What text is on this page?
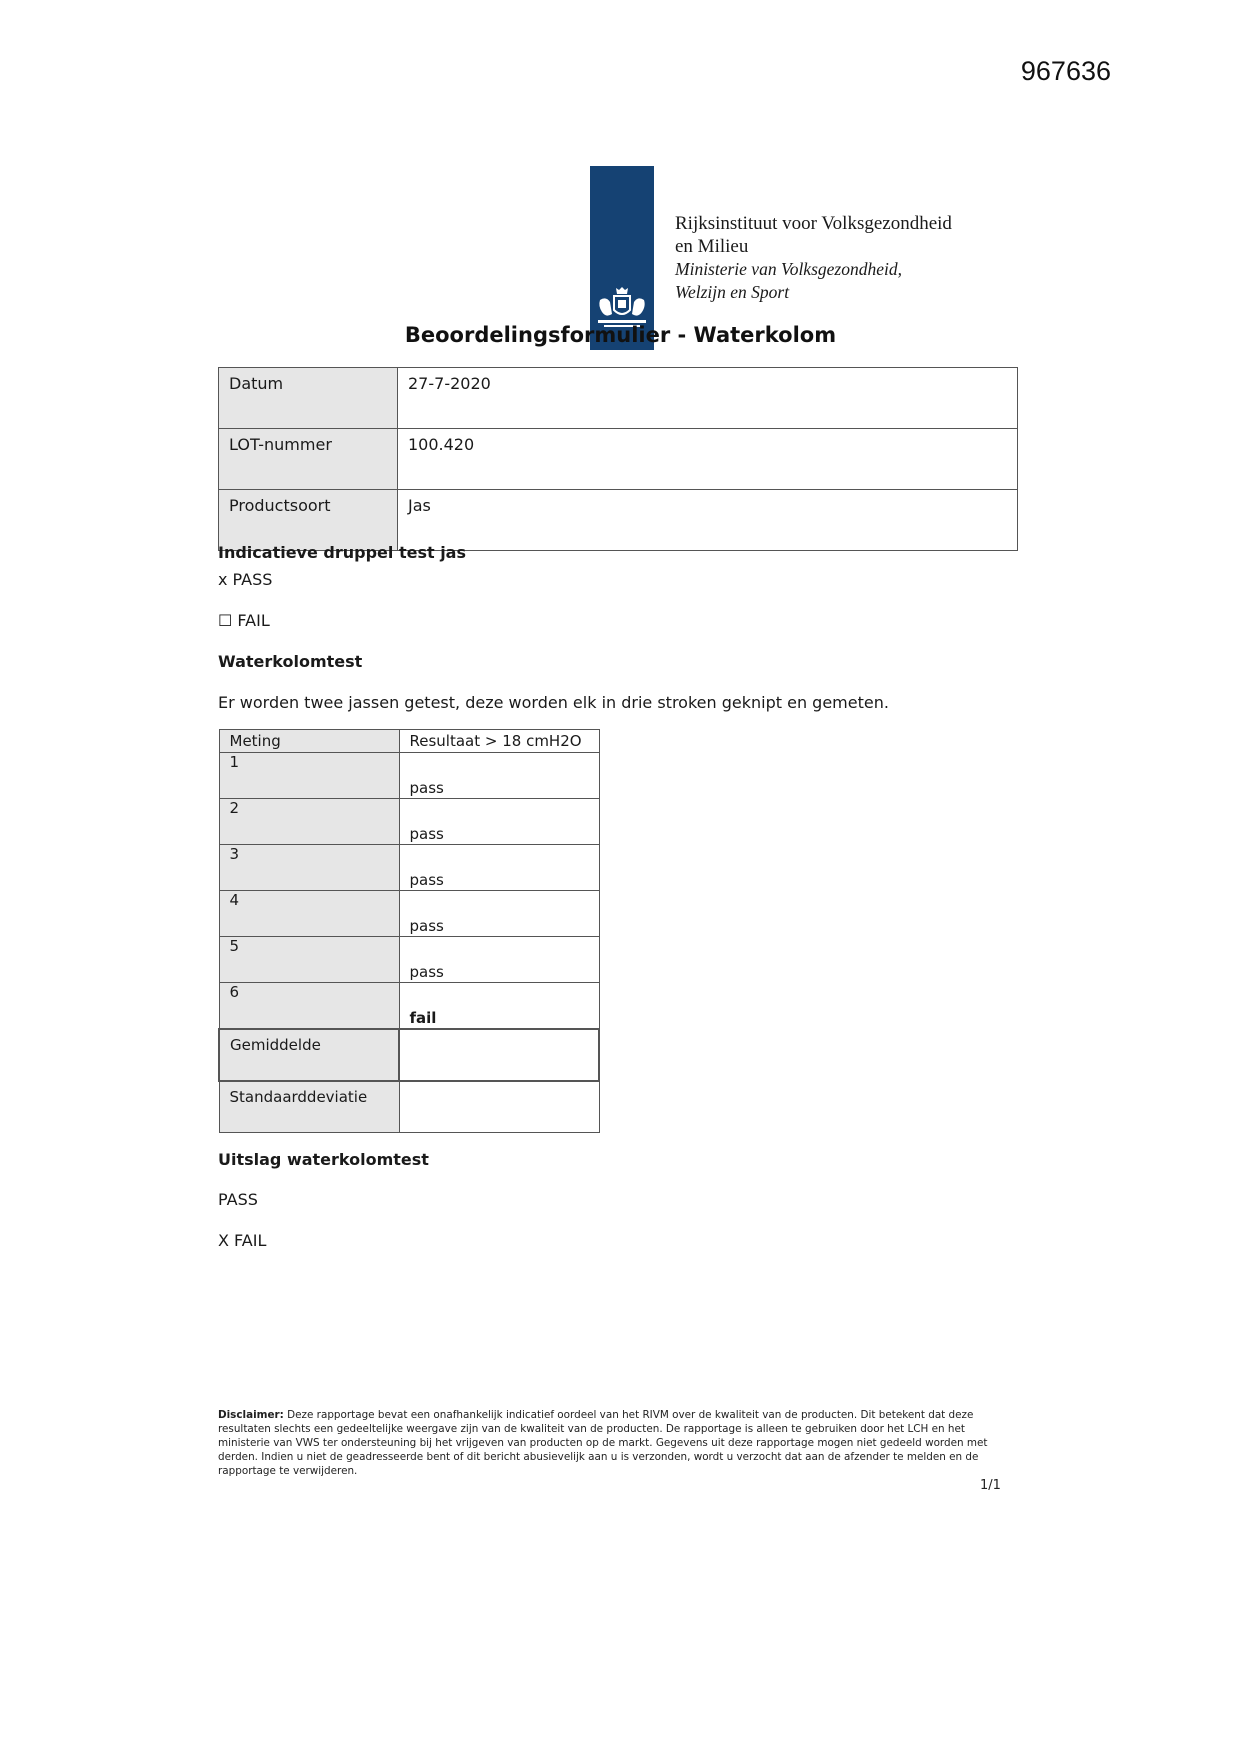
967636
Rijksinstituut voor Volksgezondheid
en Milieu
Ministerie van Volksgezondheid,
Welzijn en Sport
Beoordelingsformulier - Waterkolom
Datum	27-7-2020
LOT-nummer	100.420
Productsoort	Jas
Indicatieve druppel test jas
x PASS
☐ FAIL
Waterkolomtest
Er worden twee jassen getest, deze worden elk in drie stroken geknipt en gemeten.
Meting	Resultaat > 18 cmH2O
1	pass
2	pass
3	pass
4	pass
5	pass
6	fail
Gemiddelde	
Standaarddeviatie	
Uitslag waterkolomtest
PASS
X FAIL
Disclaimer: Deze rapportage bevat een onafhankelijk indicatief oordeel van het RIVM over de kwaliteit van de producten. Dit betekent dat deze resultaten slechts een gedeeltelijke weergave zijn van de kwaliteit van de producten. De rapportage is alleen te gebruiken door het LCH en het ministerie van VWS ter ondersteuning bij het vrijgeven van producten op de markt. Gegevens uit deze rapportage mogen niet gedeeld worden met derden. Indien u niet de geadresseerde bent of dit bericht abusievelijk aan u is verzonden, wordt u verzocht dat aan de afzender te melden en de rapportage te verwijderen.
1/1
